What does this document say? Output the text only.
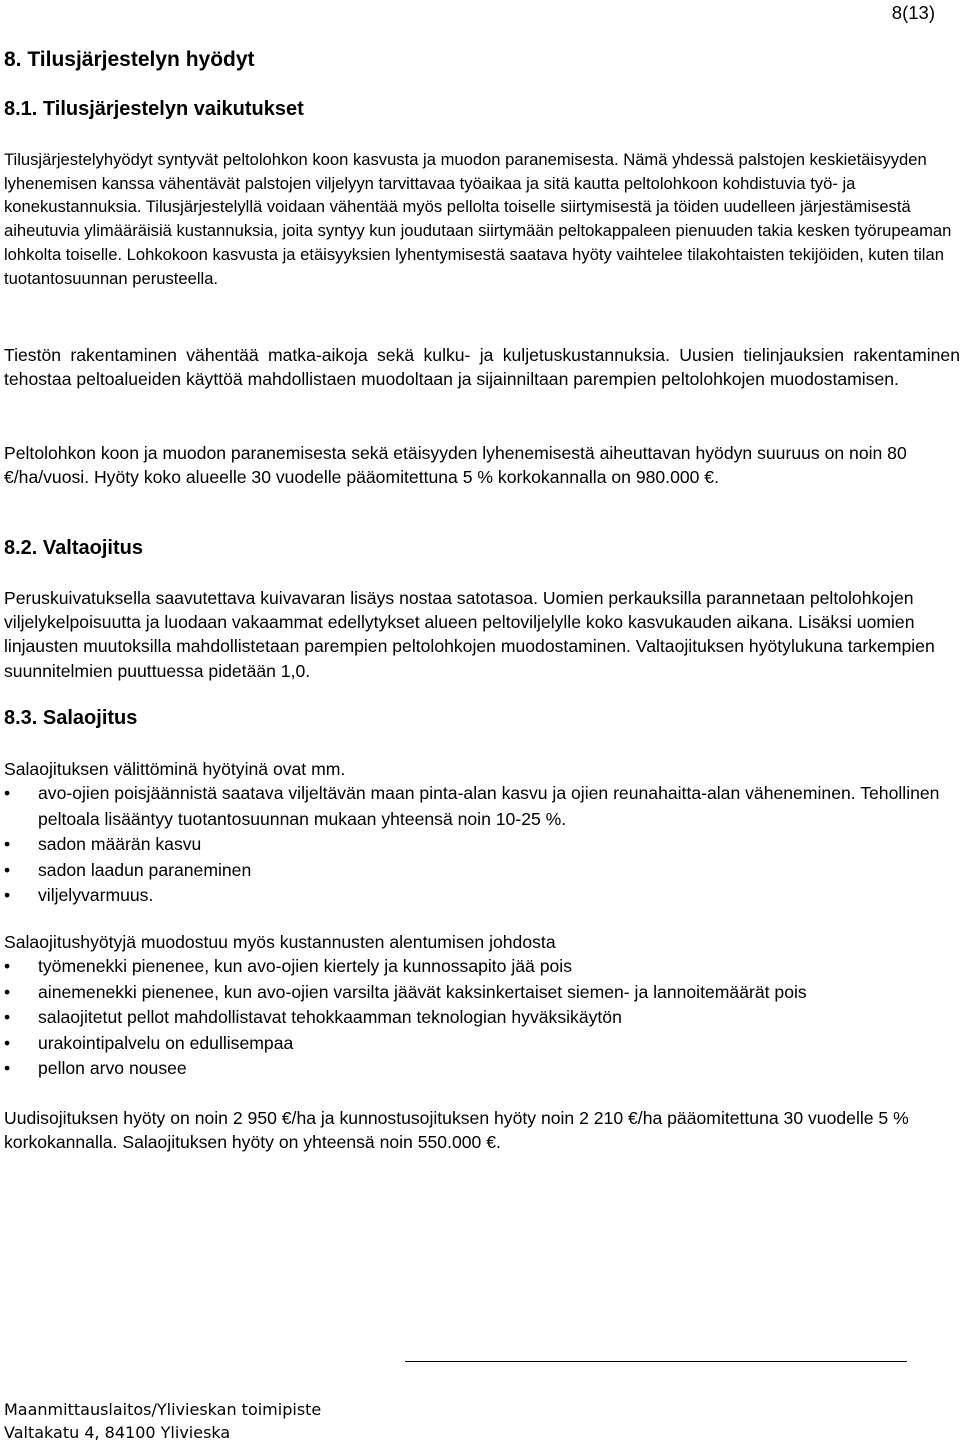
8(13)
8. Tilusjärjestelyn hyödyt
8.1. Tilusjärjestelyn vaikutukset

Tilusjärjestelyhyödyt syntyvät peltolohkon koon kasvusta ja muodon paranemisesta. Nämä yhdessä palstojen keskietäisyyden lyhenemisen kanssa vähentävät palstojen viljelyyn tarvittavaa työaikaa ja sitä kautta peltolohkoon kohdistuvia työ- ja konekustannuksia. Tilusjärjestelyllä voidaan vähentää myös pellolta toiselle siirtymisestä ja töiden uudelleen järjestämisestä aiheutuvia ylimääräisiä kustannuksia, joita syntyy kun joudutaan siirtymään peltokappaleen pienuuden takia kesken työrupeaman lohkolta toiselle. Lohkokoon kasvusta ja etäisyyksien lyhentymisestä saatava hyöty vaihtelee tilakohtaisten tekijöiden, kuten tilan tuotantosuunnan perusteella.

Tiestön rakentaminen vähentää matka-aikoja sekä kulku- ja kuljetuskustannuksia. Uusien tielinjauksien rakentaminen tehostaa peltoalueiden käyttöä mahdollistaen muodoltaan ja sijainniltaan parempien peltolohkojen muodostamisen.

Peltolohkon koon ja muodon paranemisesta sekä etäisyyden lyhenemisestä aiheuttavan hyödyn suuruus on noin 80 €/ha/vuosi. Hyöty koko alueelle 30 vuodelle pääomitettuna 5 % korkokannalla on 980.000 €.

8.2. Valtaojitus

Peruskuivatuksella saavutettava kuivavaran lisäys nostaa satotasoa. Uomien perkauksilla parannetaan peltolohkojen viljelykelpoisuutta ja luodaan vakaammat edellytykset alueen peltoviljelylle koko kasvukauden aikana. Lisäksi uomien linjausten muutoksilla mahdollistetaan parempien peltolohkojen muodostaminen. Valtaojituksen hyötylukuna tarkempien suunnitelmien puuttuessa pidetään 1,0.

8.3. Salaojitus

Salaojituksen välittöminä hyötyinä ovat mm.

• avo-ojien poisjäännistä saatava viljeltävän maan pinta-alan kasvu ja ojien reunahaitta-alan väheneminen. Tehollinen peltoala lisääntyy tuotantosuunnan mukaan yhteensä noin 10-25 %.
• sadon määrän kasvu
• sadon laadun paraneminen
• viljelyvarmuus.

Salaojitushyötyjä muodostuu myös kustannusten alentumisen johdosta

• työmenekki pienenee, kun avo-ojien kiertely ja kunnossapito jää pois
• ainemenekki pienenee, kun avo-ojien varsilta jäävät kaksinkertaiset siemen- ja lannoitemäärät pois
• salaojitetut pellot mahdollistavat tehokkaamman teknologian hyväksikäytön
• urakointipalvelu on edullisempaa
• pellon arvo nousee

Uudisojituksen hyöty on noin 2 950 €/ha ja kunnostusojituksen hyöty noin 2 210 €/ha pääomitettuna 30 vuodelle 5 % korkokannalla. Salaojituksen hyöty on yhteensä noin 550.000 €.

Maanmittauslaitos/Ylivieskan toimipiste
Valtakatu 4, 84100 Ylivieska
